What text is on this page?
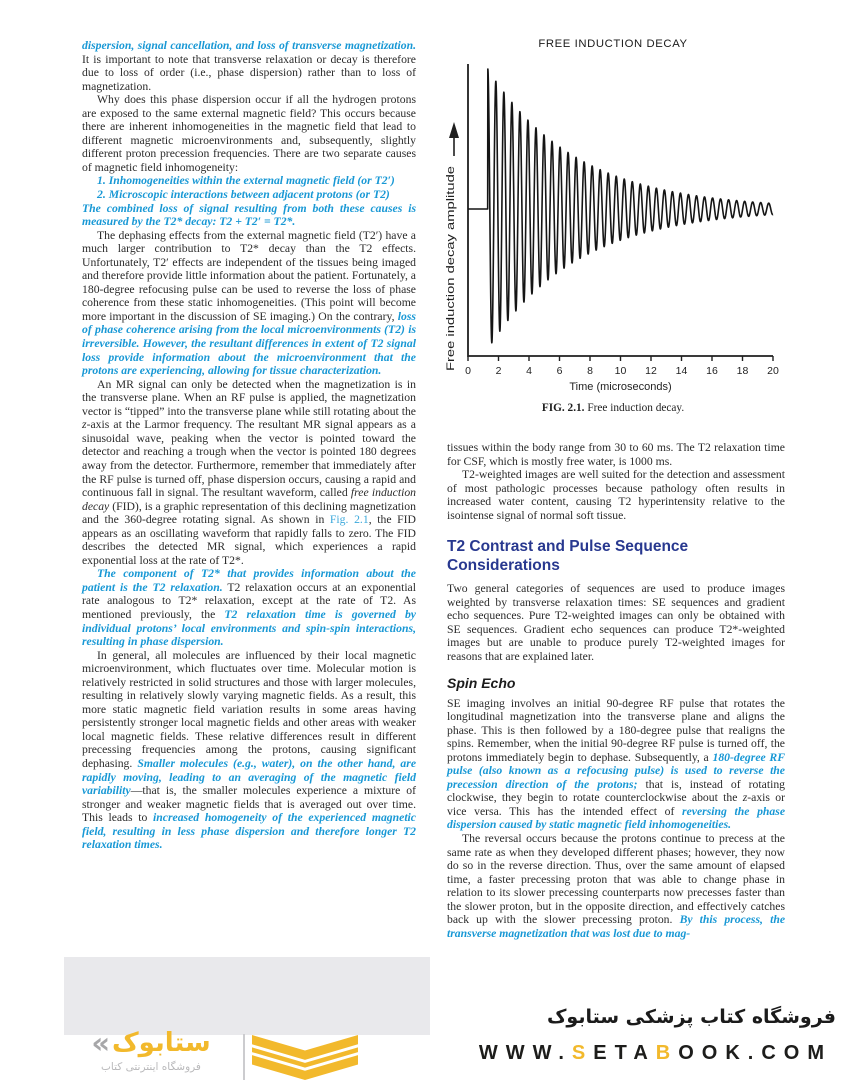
dispersion, signal cancellation, and loss of transverse magnetization. It is important to note that transverse relaxation or decay is therefore due to loss of order (i.e., phase dispersion) rather than to loss of magnetization.

Why does this phase dispersion occur if all the hydrogen protons are exposed to the same external magnetic field? This occurs because there are inherent inhomogeneities in the magnetic field that lead to different magnetic microenvironments and, subsequently, slightly different proton precession frequencies. There are two separate causes of magnetic field inhomogeneity:

1. Inhomogeneities within the external magnetic field (or T2′)

2. Microscopic interactions between adjacent protons (or T2)

The combined loss of signal resulting from both these causes is measured by the T2* decay: T2 + T2′ = T2*.

The dephasing effects from the external magnetic field (T2′) have a much larger contribution to T2* decay than the T2 effects. Unfortunately, T2′ effects are independent of the tissues being imaged and therefore provide little information about the patient. Fortunately, a 180-degree refocusing pulse can be used to reverse the loss of phase coherence from these static inhomogeneities. (This point will become more important in the discussion of SE imaging.) On the contrary, loss of phase coherence arising from the local microenvironments (T2) is irreversible. However, the resultant differences in extent of T2 signal loss provide information about the microenvironment that the protons are experiencing, allowing for tissue characterization.

An MR signal can only be detected when the magnetization is in the transverse plane. When an RF pulse is applied, the magnetization vector is “tipped” into the transverse plane while still rotating about the z-axis at the Larmor frequency. The resultant MR signal appears as a sinusoidal wave, peaking when the vector is pointed toward the detector and reaching a trough when the vector is pointed 180 degrees away from the detector. Furthermore, remember that immediately after the RF pulse is turned off, phase dispersion occurs, causing a rapid and continuous fall in signal. The resultant waveform, called free induction decay (FID), is a graphic representation of this declining magnetization and the 360-degree rotating signal. As shown in Fig. 2.1, the FID appears as an oscillating waveform that rapidly falls to zero. The FID describes the detected MR signal, which experiences a rapid exponential loss at the rate of T2*.

The component of T2* that provides information about the patient is the T2 relaxation. T2 relaxation occurs at an exponential rate analogous to T2* relaxation, except at the rate of T2. As mentioned previously, the T2 relaxation time is governed by individual protons’ local environments and spin-spin interactions, resulting in phase dispersion.

In general, all molecules are influenced by their local magnetic microenvironment, which fluctuates over time. Molecular motion is relatively restricted in solid structures and those with larger molecules, resulting in relatively slowly varying magnetic fields. As a result, this more static magnetic field variation results in some areas having persistently stronger local magnetic fields and other areas with weaker local magnetic fields. These relative differences result in different precessing frequencies among the protons, causing significant dephasing. Smaller molecules (e.g., water), on the other hand, are rapidly moving, leading to an averaging of the magnetic field variability—that is, the smaller molecules experience a mixture of stronger and weaker magnetic fields that is averaged out over time. This leads to increased homogeneity of the experienced magnetic field, resulting in less phase dispersion and therefore longer T2 relaxation times.

FREE INDUCTION DECAY
0 2 4 6 8 10 12 14 16 18 20
Time (microseconds)
Free induction decay amplitude
FIG. 2.1. Free induction decay.

tissues within the body range from 30 to 60 ms. The T2 relaxation time for CSF, which is mostly free water, is 1000 ms.

T2-weighted images are well suited for the detection and assessment of most pathologic processes because pathology often results in increased water content, causing T2 hyperintensity relative to the isointense signal of normal soft tissue.

T2 Contrast and Pulse Sequence Considerations

Two general categories of sequences are used to produce images weighted by transverse relaxation times: SE sequences and gradient echo sequences. Pure T2-weighted images can only be obtained with SE sequences. Gradient echo sequences can produce T2*-weighted images but are unable to produce purely T2-weighted images for reasons that are explained later.

Spin Echo

SE imaging involves an initial 90-degree RF pulse that rotates the longitudinal magnetization into the transverse plane and aligns the phase. This is then followed by a 180-degree pulse that realigns the spins. Remember, when the initial 90-degree RF pulse is turned off, the protons immediately begin to dephase. Subsequently, a 180-degree RF pulse (also known as a refocusing pulse) is used to reverse the precession direction of the protons; that is, instead of rotating clockwise, they begin to rotate counterclockwise about the z-axis or vice versa. This has the intended effect of reversing the phase dispersion caused by static magnetic field inhomogeneities.

The reversal occurs because the protons continue to precess at the same rate as when they developed different phases; however, they now do so in the reverse direction. Thus, over the same amount of elapsed time, a faster precessing proton that was able to change phase in relation to its slower precessing counterparts now precesses faster than the slower proton, but in the opposite direction, and effectively catches back up with the slower precessing proton. By this process, the transverse magnetization that was lost due to mag-

« ستابوک
فروشگاه اینترنتی کتاب
فروشگاه کتاب پزشکی ستابوک
WWW.SETABOOK.COM
